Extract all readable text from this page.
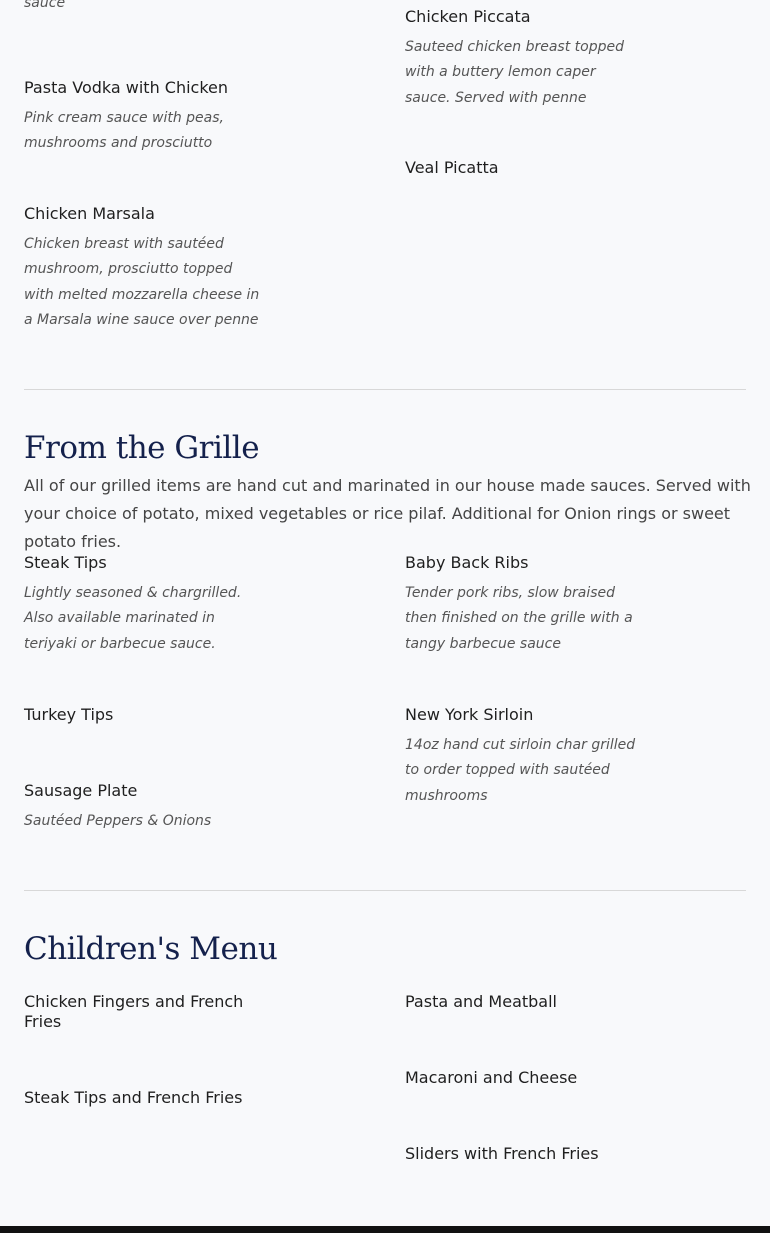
sauce
Pasta Vodka with Chicken
Pink cream sauce with peas, mushrooms and prosciutto
Chicken Marsala
Chicken breast with sautéed mushroom, prosciutto topped with melted mozzarella cheese in a Marsala wine sauce over penne
Chicken Piccata
Sauteed chicken breast topped with a buttery lemon caper sauce. Served with penne
Veal Picatta
From the Grille

All of our grilled items are hand cut and marinated in our house made sauces. Served with your choice of potato, mixed vegetables or rice pilaf. Additional for Onion rings or sweet potato fries.

Steak Tips
Lightly seasoned & chargrilled. Also available marinated in teriyaki or barbecue sauce.
Turkey Tips
Sausage Plate
Sautéed Peppers & Onions
Baby Back Ribs
Tender pork ribs, slow braised then finished on the grille with a tangy barbecue sauce
New York Sirloin
14oz hand cut sirloin char grilled to order topped with sautéed mushrooms
Children's Menu
Chicken Fingers and French Fries
Steak Tips and French Fries
Pasta and Meatball
Macaroni and Cheese
Sliders with French Fries
